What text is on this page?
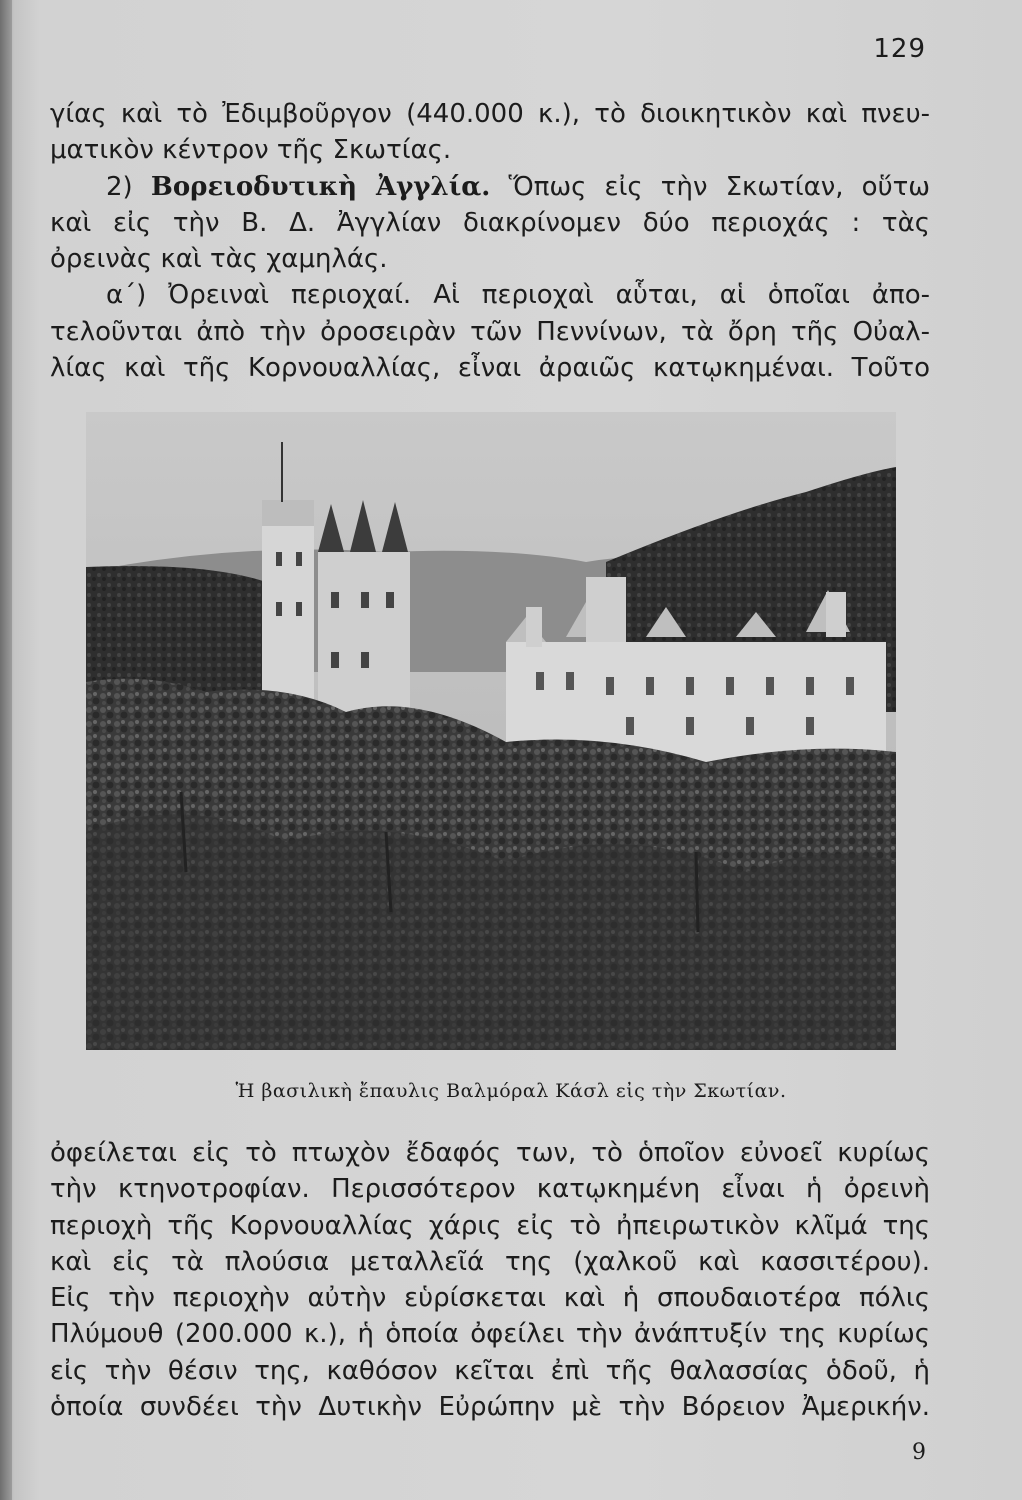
129
γίας καὶ τὸ Ἐδιμβοῦργον (440.000 κ.), τὸ διοικητικὸν καὶ πνευ-
ματικὸν κέντρον τῆς Σκωτίας.
2) Βορειοδυτικὴ Ἀγγλία. Ὅπως εἰς τὴν Σκωτίαν, οὕτω
καὶ εἰς τὴν Β. Δ. Ἀγγλίαν διακρίνομεν δύο περιοχάς : τὰς
ὀρεινὰς καὶ τὰς χαμηλάς.
α΄) Ὀρειναὶ περιοχαί. Αἱ περιοχαὶ αὗται, αἱ ὁποῖαι ἀπο-
τελοῦνται ἀπὸ τὴν ὀροσειρὰν τῶν Πεννίνων, τὰ ὄρη τῆς Οὐαλ-
λίας καὶ τῆς Κορνουαλλίας, εἶναι ἀραιῶς κατῳκημέναι. Τοῦτο
Ἡ βασιλικὴ ἔπαυλις Βαλμόραλ Κάσλ εἰς τὴν Σκωτίαν.
ὀφείλεται εἰς τὸ πτωχὸν ἔδαφός των, τὸ ὁποῖον εὐνοεῖ κυρίως
τὴν κτηνοτροφίαν. Περισσότερον κατῳκημένη εἶναι ἡ ὀρεινὴ
περιοχὴ τῆς Κορνουαλλίας χάρις εἰς τὸ ἠπειρωτικὸν κλῖμά της
καὶ εἰς τὰ πλούσια μεταλλεῖά της (χαλκοῦ καὶ κασσιτέρου).
Εἰς τὴν περιοχὴν αὐτὴν εὑρίσκεται καὶ ἡ σπουδαιοτέρα πόλις
Πλύμουθ (200.000 κ.), ἡ ὁποία ὀφείλει τὴν ἀνάπτυξίν της κυρίως
εἰς τὴν θέσιν της, καθόσον κεῖται ἐπὶ τῆς θαλασσίας ὁδοῦ, ἡ
ὁποία συνδέει τὴν Δυτικὴν Εὐρώπην μὲ τὴν Βόρειον Ἀμερικήν.
9
